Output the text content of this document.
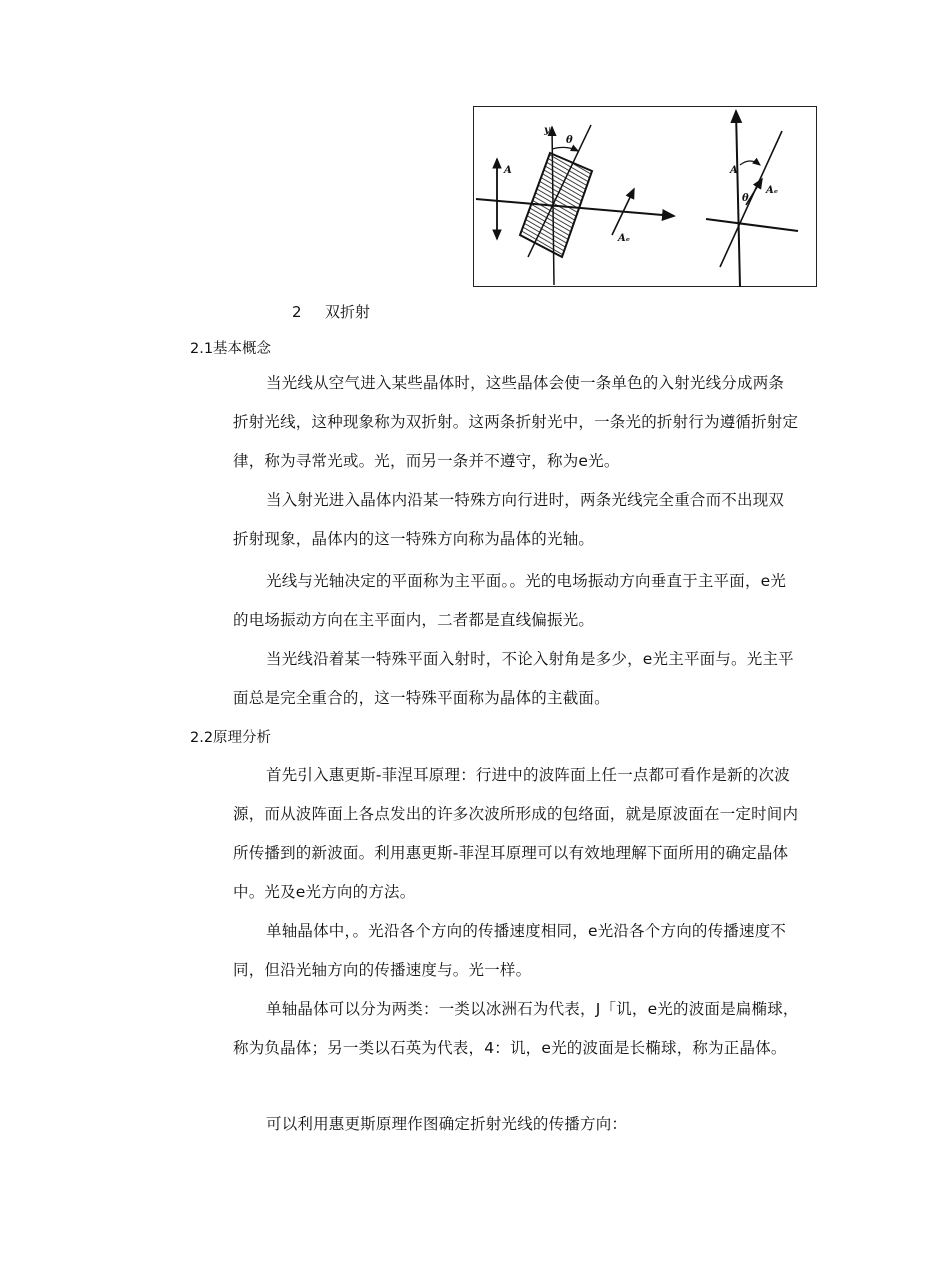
y
θ
A
Aₑ
A
Aₑ
θ
2 双折射
2.1基本概念

当光线从空气进入某些晶体时，这些晶体会使一条单色的入射光线分成两条折射光线，这种现象称为双折射。这两条折射光中，一条光的折射行为遵循折射定律，称为寻常光或。光，而另一条并不遵守，称为e光。

当入射光进入晶体内沿某一特殊方向行进时，两条光线完全重合而不出现双折射现象，晶体内的这一特殊方向称为晶体的光轴。

光线与光轴决定的平面称为主平面。。光的电场振动方向垂直于主平面，e光的电场振动方向在主平面内，二者都是直线偏振光。

当光线沿着某一特殊平面入射时，不论入射角是多少，e光主平面与。光主平面总是完全重合的，这一特殊平面称为晶体的主截面。

2.2原理分析

首先引入惠更斯-菲涅耳原理：行进中的波阵面上任一点都可看作是新的次波源，而从波阵面上各点发出的许多次波所形成的包络面，就是原波面在一定时间内所传播到的新波面。利用惠更斯-菲涅耳原理可以有效地理解下面所用的确定晶体中。光及e光方向的方法。

单轴晶体中，。光沿各个方向的传播速度相同，e光沿各个方向的传播速度不同，但沿光轴方向的传播速度与。光一样。

单轴晶体可以分为两类：一类以冰洲石为代表，J「讥，e光的波面是扁椭球，称为负晶体；另一类以石英为代表，4：讥，e光的波面是长椭球，称为正晶体。

可以利用惠更斯原理作图确定折射光线的传播方向：
